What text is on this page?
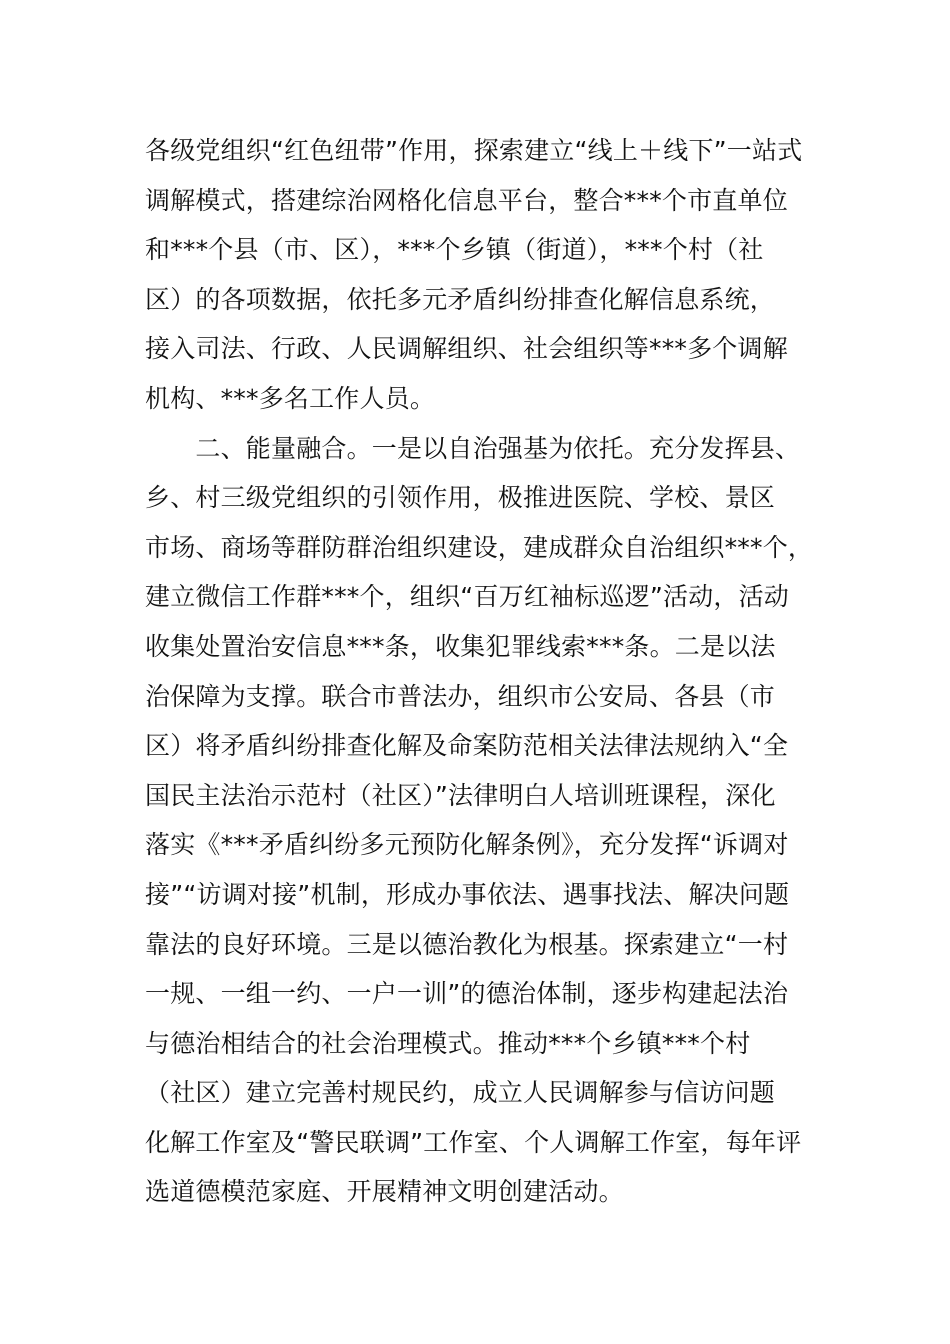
各级党组织“红色纽带”作用，探索建立“线上＋线下”一站式
调解模式，搭建综治网格化信息平台，整合***个市直单位
和***个县（市、区），***个乡镇（街道），***个村（社
区）的各项数据，依托多元矛盾纠纷排查化解信息系统，
接入司法、行政、人民调解组织、社会组织等***多个调解
机构、***多名工作人员。
　　二、能量融合。一是以自治强基为依托。充分发挥县、
乡、村三级党组织的引领作用，极推进医院、学校、景区
市场、商场等群防群治组织建设，建成群众自治组织***个，
建立微信工作群***个，组织“百万红袖标巡逻”活动，活动
收集处置治安信息***条，收集犯罪线索***条。二是以法
治保障为支撑。联合市普法办，组织市公安局、各县（市
区）将矛盾纠纷排查化解及命案防范相关法律法规纳入“全
国民主法治示范村（社区）”法律明白人培训班课程，深化
落实《***矛盾纠纷多元预防化解条例》，充分发挥“诉调对
接”“访调对接”机制，形成办事依法、遇事找法、解决问题
靠法的良好环境。三是以德治教化为根基。探索建立“一村
一规、一组一约、一户一训”的德治体制，逐步构建起法治
与德治相结合的社会治理模式。推动***个乡镇***个村
（社区）建立完善村规民约，成立人民调解参与信访问题
化解工作室及“警民联调”工作室、个人调解工作室，每年评
选道德模范家庭、开展精神文明创建活动。
